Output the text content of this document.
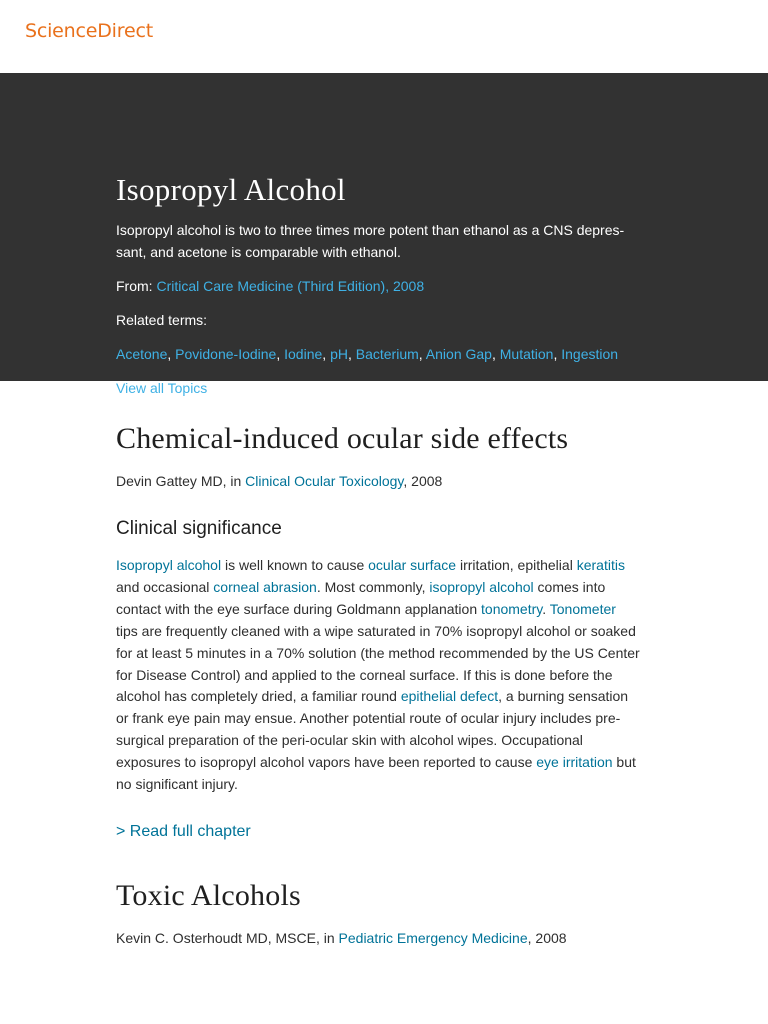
ScienceDirect
Isopropyl Alcohol

Isopropyl alcohol is two to three times more potent than ethanol as a CNS depres-sant, and acetone is comparable with ethanol.

From: Critical Care Medicine (Third Edition), 2008

Related terms:

Acetone, Povidone-Iodine, Iodine, pH, Bacterium, Anion Gap, Mutation, Ingestion

View all Topics

Chemical-induced ocular side effects

Devin Gattey MD, in Clinical Ocular Toxicology, 2008

Clinical significance

Isopropyl alcohol is well known to cause ocular surface irritation, epithelial keratitis and occasional corneal abrasion. Most commonly, isopropyl alcohol comes into contact with the eye surface during Goldmann applanation tonometry. Tonometer tips are frequently cleaned with a wipe saturated in 70% isopropyl alcohol or soaked for at least 5 minutes in a 70% solution (the method recommended by the US Center for Disease Control) and applied to the corneal surface. If this is done before the alcohol has completely dried, a familiar round epithelial defect, a burning sensation or frank eye pain may ensue. Another potential route of ocular injury includes pre-surgical preparation of the peri-ocular skin with alcohol wipes. Occupational exposures to isopropyl alcohol vapors have been reported to cause eye irritation but no significant injury.

> Read full chapter
Toxic Alcohols

Kevin C. Osterhoudt MD, MSCE, in Pediatric Emergency Medicine, 2008
